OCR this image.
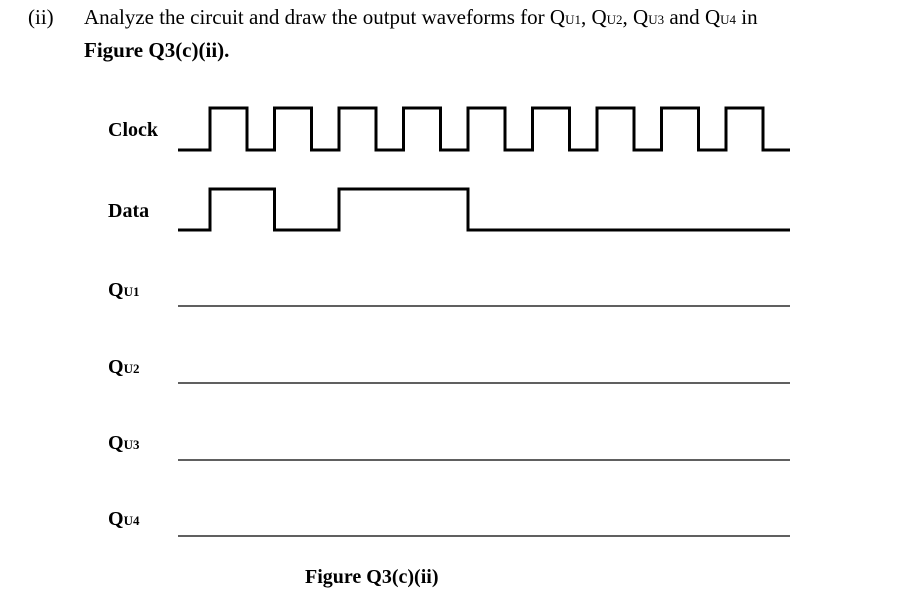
(ii) Analyze the circuit and draw the output waveforms for QU1, QU2, QU3 and QU4 in
Figure Q3(c)(ii).
Clock
Data
QU1
QU2
QU3
QU4
Figure Q3(c)(ii)
